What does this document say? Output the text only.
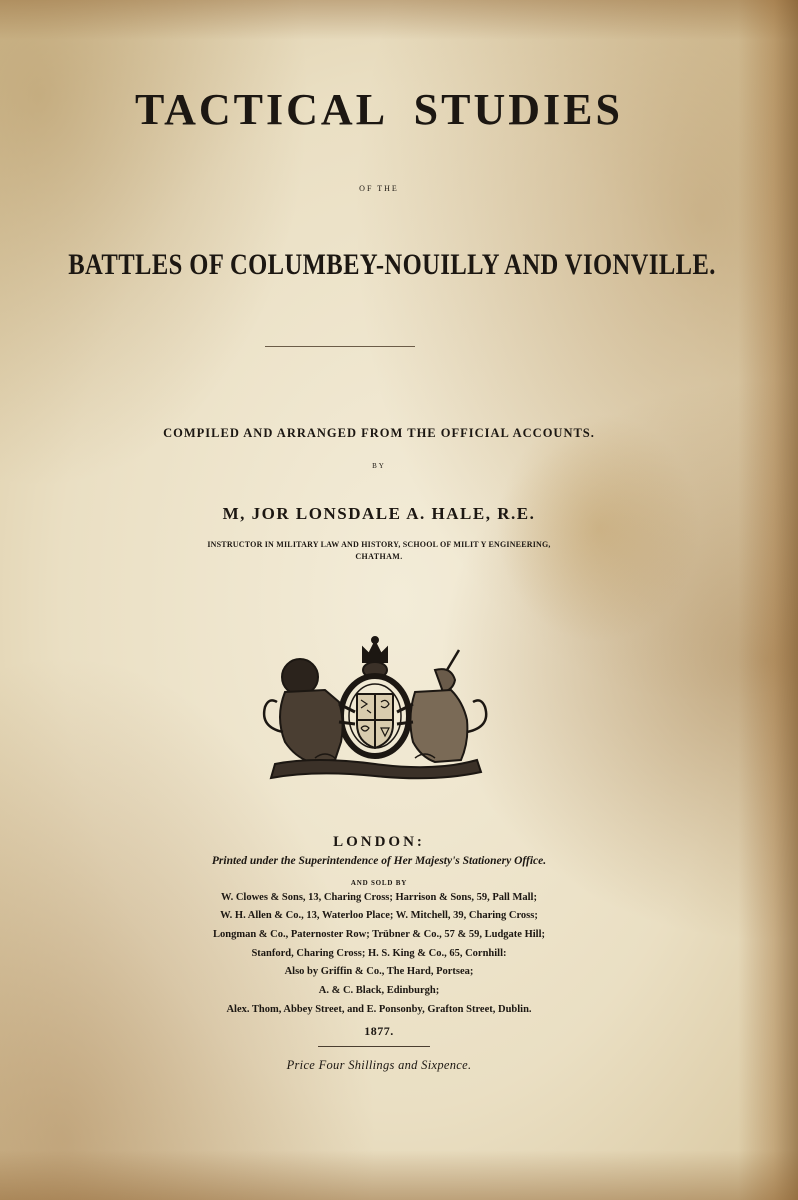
TACTICAL STUDIES
OF THE
BATTLES OF COLUMBEY-NOUILLY AND VIONVILLE.
COMPILED AND ARRANGED FROM THE OFFICIAL ACCOUNTS.
BY
M, JOR LONSDALE A. HALE, R.E.
INSTRUCTOR IN MILITARY LAW AND HISTORY, SCHOOL OF MILIT Y ENGINEERING,
CHATHAM.
LONDON:
Printed under the Superintendence of Her Majesty's Stationery Office.
AND SOLD BY
W. Clowes & Sons, 13, Charing Cross; Harrison & Sons, 59, Pall Mall;
W. H. Allen & Co., 13, Waterloo Place; W. Mitchell, 39, Charing Cross;
Longman & Co., Paternoster Row; Trübner & Co., 57 & 59, Ludgate Hill;
Stanford, Charing Cross; H. S. King & Co., 65, Cornhill:
Also by Griffin & Co., The Hard, Portsea;
A. & C. Black, Edinburgh;
Alex. Thom, Abbey Street, and E. Ponsonby, Grafton Street, Dublin.
1877.
Price Four Shillings and Sixpence.
